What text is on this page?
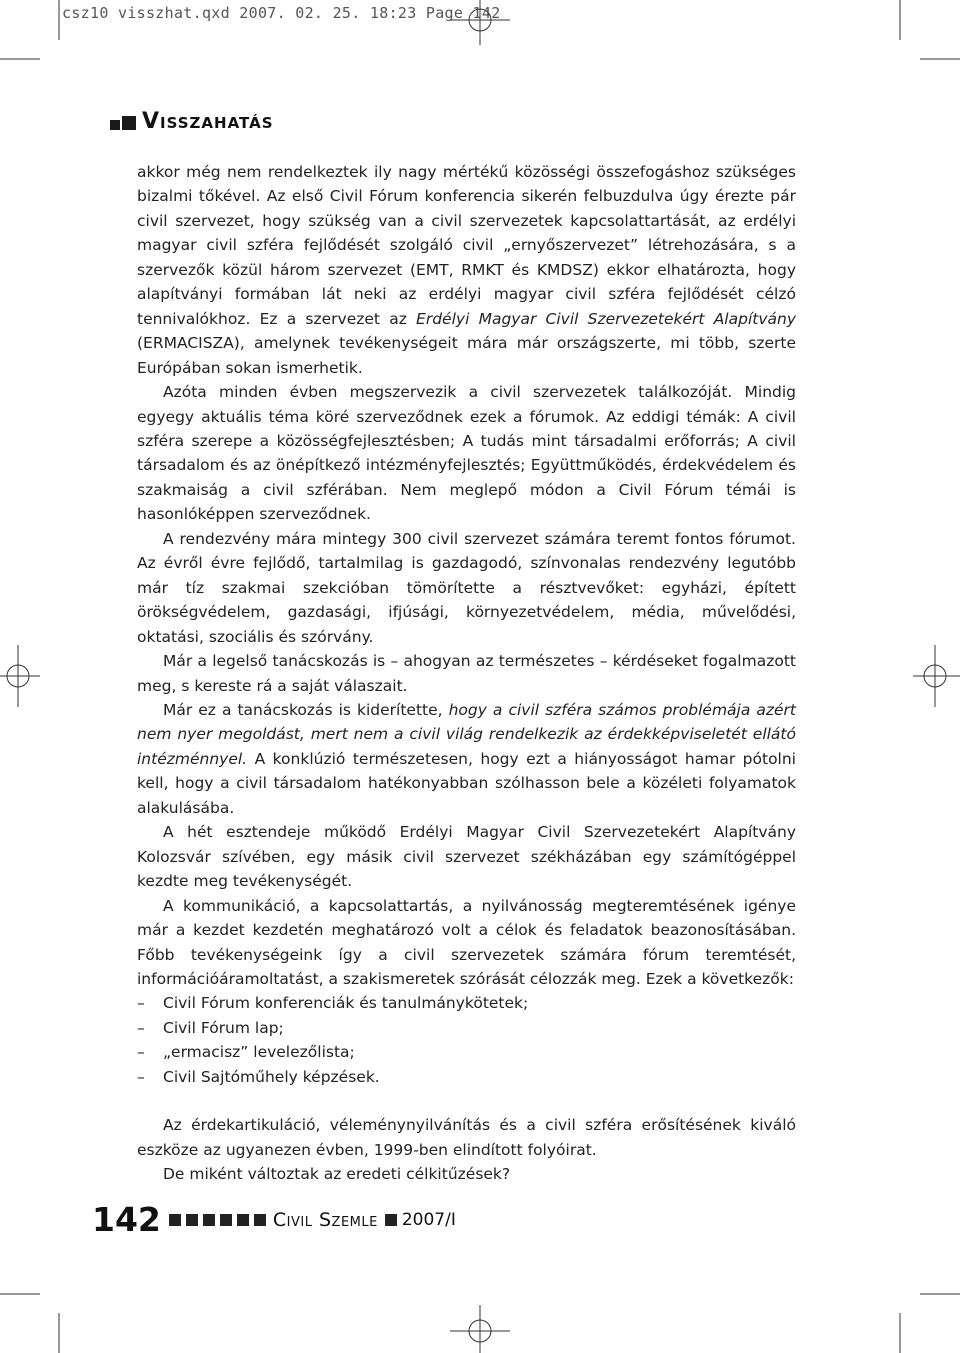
csz10 visszhat.qxd 2007. 02. 25. 18:23 Page 142
Visszahatás

akkor még nem rendelkeztek ily nagy mértékű közösségi összefogáshoz szükséges bizalmi tőkével. Az első Civil Fórum konferencia sikerén felbuzdulva úgy érezte pár civil szervezet, hogy szükség van a civil szervezetek kapcsolattartását, az erdélyi magyar civil szféra fejlődését szolgáló civil „ernyőszervezet” létrehozására, s a szervezők közül három szervezet (EMT, RMKT és KMDSZ) ekkor elhatározta, hogy alapítványi formában lát neki az erdélyi magyar civil szféra fejlődését célzó tennivalókhoz. Ez a szervezet az Erdélyi Magyar Civil Szervezetekért Alapítvány (ERMACISZA), amelynek tevékenységeit mára már országszerte, mi több, szerte Európában sokan ismerhetik.

Azóta minden évben megszervezik a civil szervezetek találkozóját. Mindig egyegy aktuális téma köré szerveződnek ezek a fórumok. Az eddigi témák: A civil szféra szerepe a közösségfejlesztésben; A tudás mint társadalmi erőforrás; A civil társadalom és az önépítkező intézményfejlesztés; Együttműködés, érdekvédelem és szakmaiság a civil szférában. Nem meglepő módon a Civil Fórum témái is hasonlóképpen szerveződnek.

A rendezvény mára mintegy 300 civil szervezet számára teremt fontos fórumot. Az évről évre fejlődő, tartalmilag is gazdagodó, színvonalas rendezvény legutóbb már tíz szakmai szekcióban tömörítette a résztvevőket: egyházi, épített örökségvédelem, gazdasági, ifjúsági, környezetvédelem, média, művelődési, oktatási, szociális és szórvány.

Már a legelső tanácskozás is – ahogyan az természetes – kérdéseket fogalmazott meg, s kereste rá a saját válaszait.

Már ez a tanácskozás is kiderítette, hogy a civil szféra számos problémája azért nem nyer megoldást, mert nem a civil világ rendelkezik az érdekképviseletét ellátó intézménnyel. A konklúzió természetesen, hogy ezt a hiányosságot hamar pótolni kell, hogy a civil társadalom hatékonyabban szólhasson bele a közéleti folyamatok alakulásába.

A hét esztendeje működő Erdélyi Magyar Civil Szervezetekért Alapítvány Kolozsvár szívében, egy másik civil szervezet székházában egy számítógéppel kezdte meg tevékenységét.

A kommunikáció, a kapcsolattartás, a nyilvánosság megteremtésének igénye már a kezdet kezdetén meghatározó volt a célok és feladatok beazonosításában. Főbb tevékenységeink így a civil szervezetek számára fórum teremtését, információáramoltatást, a szakismeretek szórását célozzák meg. Ezek a következők:

– Civil Fórum konferenciák és tanulmánykötetek;

– Civil Fórum lap;

– „ermacisz” levelezőlista;

– Civil Sajtóműhely képzések.

Az érdekartikuláció, véleménynyilvánítás és a civil szféra erősítésének kiváló eszköze az ugyanezen évben, 1999-ben elindított folyóirat.

De miként változtak az eredeti célkitűzések?

142	Civil Szemle 2007/I
